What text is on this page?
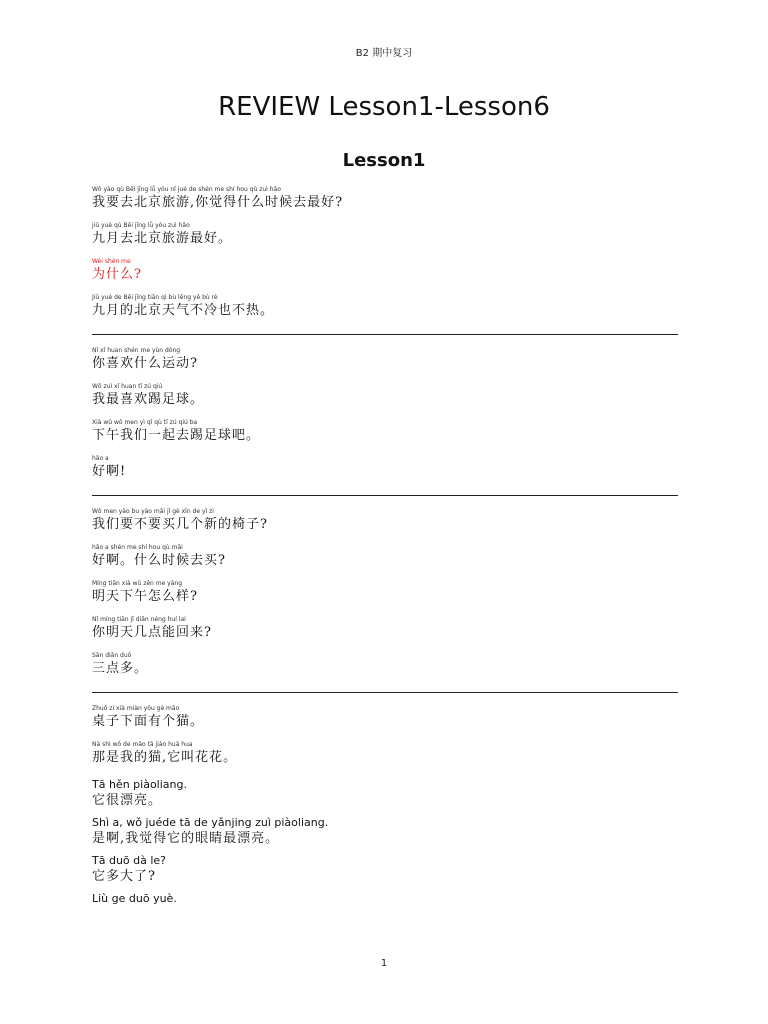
B2 期中复习
REVIEW Lesson1-Lesson6
Lesson1
Wǒ yào qù Běi jīng lǚ yóu nǐ jué de shén me shí hou qù zuì hǎo
我要去北京旅游,你觉得什么时候去最好?
jiǔ yuè qù Běi jīng lǚ yóu zuì hǎo
九月去北京旅游最好。
Wèi shén me
为什么?
Jiǔ yuè de Běi jīng tiān qì bù lěng yě bù rè
九月的北京天气不冷也不热。
Nǐ xǐ huan shén me yùn dòng
你喜欢什么运动?
Wǒ zuì xǐ huan tī zú qiú
我最喜欢踢足球。
Xià wǔ wǒ men yì qǐ qù tī zú qiú ba
下午我们一起去踢足球吧。
hǎo a
好啊!
Wǒ men yào bu yào mǎi jǐ gè xīn de yǐ zi
我们要不要买几个新的椅子?
hǎo a shén me shí hou qù mǎi
好啊。什么时候去买?
Míng tiān xià wǔ zěn me yàng
明天下午怎么样?
Nǐ míng tiān jǐ diǎn néng huí lai
你明天几点能回来?
Sān diǎn duō
三点多。
Zhuō zi xià miàn yǒu gè māo
桌子下面有个猫。
Nà shì wǒ de māo tā jiào huā hua
那是我的猫,它叫花花。
Tā hěn piàoliang.
它很漂亮。
Shì a, wǒ juéde tā de yǎnjing zuì piàoliang.
是啊,我觉得它的眼睛最漂亮。
Tā duō dà le?
它多大了?
Liù ge duō yuè.
1
